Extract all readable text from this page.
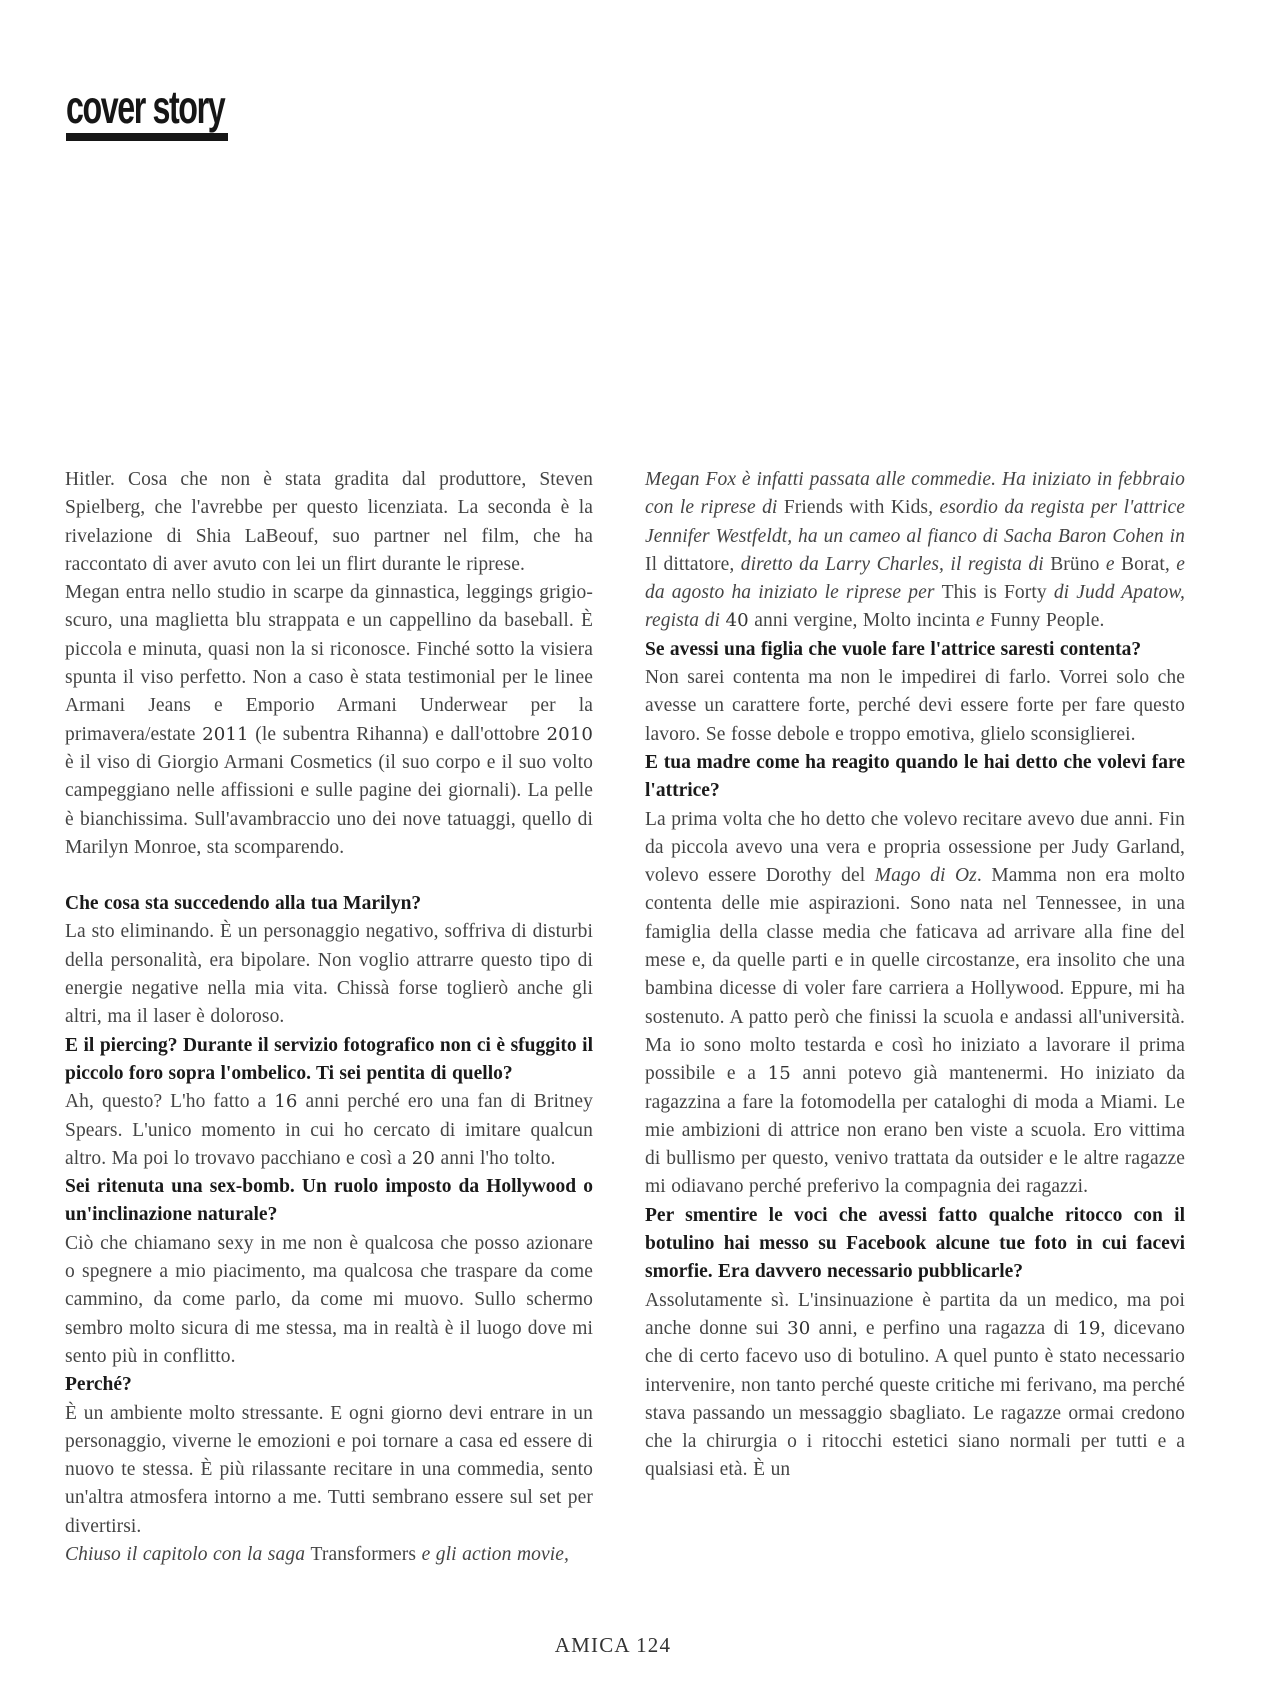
cover story

Hitler. Cosa che non è stata gradita dal produttore, Steven Spielberg, che l'avrebbe per questo licenziata. La seconda è la rivelazione di Shia LaBeouf, suo partner nel film, che ha raccontato di aver avuto con lei un flirt durante le riprese.

Megan entra nello studio in scarpe da ginnastica, leggings grigio-scuro, una maglietta blu strappata e un cappellino da baseball. È piccola e minuta, quasi non la si riconosce. Finché sotto la visiera spunta il viso perfetto. Non a caso è stata testimonial per le linee Armani Jeans e Emporio Armani Underwear per la primavera/estate 2011 (le subentra Rihanna) e dall'ottobre 2010 è il viso di Giorgio Armani Cosmetics (il suo corpo e il suo volto campeggiano nelle affissioni e sulle pagine dei giornali). La pelle è bianchissima. Sull'avambraccio uno dei nove tatuaggi, quello di Marilyn Monroe, sta scomparendo.

Che cosa sta succedendo alla tua Marilyn?

La sto eliminando. È un personaggio negativo, soffriva di disturbi della personalità, era bipolare. Non voglio attrarre questo tipo di energie negative nella mia vita. Chissà forse toglierò anche gli altri, ma il laser è doloroso.

E il piercing? Durante il servizio fotografico non ci è sfuggito il piccolo foro sopra l'ombelico. Ti sei pentita di quello?

Ah, questo? L'ho fatto a 16 anni perché ero una fan di Britney Spears. L'unico momento in cui ho cercato di imitare qualcun altro. Ma poi lo trovavo pacchiano e così a 20 anni l'ho tolto.

Sei ritenuta una sex-bomb. Un ruolo imposto da Hollywood o un'inclinazione naturale?

Ciò che chiamano sexy in me non è qualcosa che posso azionare o spegnere a mio piacimento, ma qualcosa che traspare da come cammino, da come parlo, da come mi muovo. Sullo schermo sembro molto sicura di me stessa, ma in realtà è il luogo dove mi sento più in conflitto.

Perché?

È un ambiente molto stressante. E ogni giorno devi entrare in un personaggio, viverne le emozioni e poi tornare a casa ed essere di nuovo te stessa. È più rilassante recitare in una commedia, sento un'altra atmosfera intorno a me. Tutti sembrano essere sul set per divertirsi.

Chiuso il capitolo con la saga Transformers e gli action movie,

Megan Fox è infatti passata alle commedie. Ha iniziato in febbraio con le riprese di Friends with Kids, esordio da regista per l'attrice Jennifer Westfeldt, ha un cameo al fianco di Sacha Baron Cohen in Il dittatore, diretto da Larry Charles, il regista di Brüno e Borat, e da agosto ha iniziato le riprese per This is Forty di Judd Apatow, regista di 40 anni vergine, Molto incinta e Funny People.

Se avessi una figlia che vuole fare l'attrice saresti contenta?

Non sarei contenta ma non le impedirei di farlo. Vorrei solo che avesse un carattere forte, perché devi essere forte per fare questo lavoro. Se fosse debole e troppo emotiva, glielo sconsiglierei.

E tua madre come ha reagito quando le hai detto che volevi fare l'attrice?

La prima volta che ho detto che volevo recitare avevo due anni. Fin da piccola avevo una vera e propria ossessione per Judy Garland, volevo essere Dorothy del Mago di Oz. Mamma non era molto contenta delle mie aspirazioni. Sono nata nel Tennessee, in una famiglia della classe media che faticava ad arrivare alla fine del mese e, da quelle parti e in quelle circostanze, era insolito che una bambina dicesse di voler fare carriera a Hollywood. Eppure, mi ha sostenuto. A patto però che finissi la scuola e andassi all'università. Ma io sono molto testarda e così ho iniziato a lavorare il prima possibile e a 15 anni potevo già mantenermi. Ho iniziato da ragazzina a fare la fotomodella per cataloghi di moda a Miami. Le mie ambizioni di attrice non erano ben viste a scuola. Ero vittima di bullismo per questo, venivo trattata da outsider e le altre ragazze mi odiavano perché preferivo la compagnia dei ragazzi.

Per smentire le voci che avessi fatto qualche ritocco con il botulino hai messo su Facebook alcune tue foto in cui facevi smorfie. Era davvero necessario pubblicarle?

Assolutamente sì. L'insinuazione è partita da un medico, ma poi anche donne sui 30 anni, e perfino una ragazza di 19, dicevano che di certo facevo uso di botulino. A quel punto è stato necessario intervenire, non tanto perché queste critiche mi ferivano, ma perché stava passando un messaggio sbagliato. Le ragazze ormai credono che la chirurgia o i ritocchi estetici siano normali per tutti e a qualsiasi età. È un

AMICA 124
